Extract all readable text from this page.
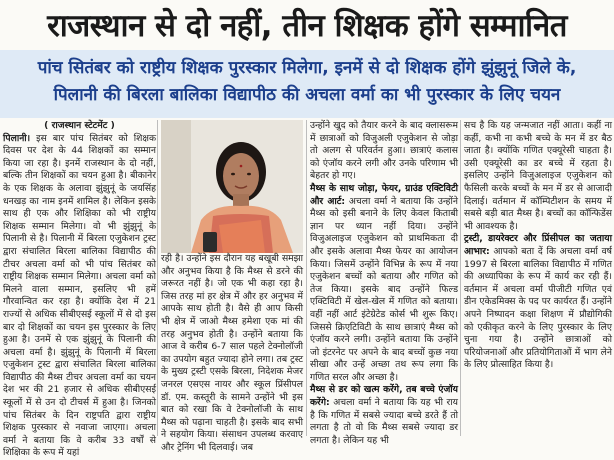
राजस्थान से दो नहीं, तीन शिक्षक होंगे सम्मानित
पांच सितंबर को राष्ट्रीय शिक्षक पुरस्कार मिलेगा, इनमें से दो शिक्षक होंगे झुंझुनूं जिले के,
पिलानी की बिरला बालिका विद्यापीठ की अचला वर्मा का भी पुरस्कार के लिए चयन
( राजस्थान स्टेटमेंट )

पिलानी। इस बार पांच सितंबर को शिक्षक दिवस पर देश के 44 शिक्षकों का सम्मान किया जा रहा है। इनमें राजस्थान के दो नहीं, बल्कि तीन शिक्षकों का चयन हुआ है। बीकानेर के एक शिक्षक के अलावा झुंझुनूं के जयसिंह धनखड़ का नाम इनमें शामिल है। लेकिन इसके साथ ही एक और शिक्षिका को भी राष्ट्रीय शिक्षक सम्मान मिलेगा। वो भी झुंझुनूं के पिलानी से है। पिलानी में बिरला एजुकेशन ट्रस्ट द्वारा संचालित बिरला बालिका विद्यापीठ की टीचर अचला वर्मा को भी पांच सितंबर को राष्ट्रीय शिक्षक सम्मान मिलेगा। अचला वर्मा को मिलने वाला सम्मान, इसलिए भी हमें गौरवान्वित कर रहा है। क्योंकि देश में 21 राज्यों से अधिक सीबीएसई स्कूलों में से दो इस बार दो शिक्षकों का चयन इस पुरस्कार के लिए हुआ है। उनमें से एक झुंझुनूं के पिलानी की अचला वर्मा है। झुंझुनूं के पिलानी में बिरला एजुकेशन ट्रस्ट द्वारा संचालित बिरला बालिका विद्यापीठ की मैथ्स टीचर अचला वर्मा का चयन देश भर की 21 हजार से अधिक सीबीएसई स्कूलों में से उन दो टीचर्स में हुआ है। जिनको पांच सितंबर के दिन राष्ट्रपति द्वारा राष्ट्रीय शिक्षक पुरस्कार से नवाजा जाएगा। अचला वर्मा ने बताया कि वे करीब 33 वर्षों से शिक्षिका के रूप में यहां

रही है। उन्होंने इस दौरान यह बखूबी समझा और अनुभव किया है कि मैथ्स से डरने की जरूरत नहीं है। जो एक भी कहा रहा है। जिस तरह मां हर क्षेत्र में और हर अनुभव में आपके साथ होती है। वैसे ही आप किसी भी क्षेत्र में जाओ मैथ्स हमेशा एक मां की तरह अनुभव होती है। उन्होंने बताया कि आज वे करीब 6-7 साल पहले टेक्नोलॉजी का उपयोग बहुत ज्यादा होने लगा। तब ट्रस्ट के मुख्य ट्रस्टी एसके बिरला, निदेशक मेजर जनरल एसएस नायर और स्कूल प्रिंसीपल डॉ. एम. कस्तूरी के सामने उन्होंने भी इस बात को रखा कि वे टेक्नोलॉजी के साथ मैथ्स को पढ़ाना चाहती है। इसके बाद सभी ने सहयोग किया। संसाधन उपलब्ध करवाए और ट्रेनिंग भी दिलवाई। जब

उन्होंने खुद को तैयार करने के बाद क्लासरूम में छात्राओं को विजुअली एजुकेशन से जोड़ा तो अलग से परिवर्तन हुआ। छात्राएं कलास को एंजॉय करने लगी और उनके परिणाम भी बेहतर हो गए।

मैथ्स के साथ जोड़ा, फेयर, ग्राउंड एक्टिविटी और आर्ट: अचला वर्मा ने बताया कि उन्होंने मैथ्स को इसी बनाने के लिए केवल किताबी ज्ञान पर ध्यान नहीं दिया। उन्होंने विजुअलाइज एजुकेशन को प्राथमिकता दी और इसके अलावा मैथ्स फेयर का आयोजन किया। जिसमें उन्होंने विभिन्न के रूप में नया एजुकेशन बच्चों को बताया और गणित को तेज किया। इसके बाद उन्होंने फिल्ड एक्टिविटी में खेल-खेल में गणित को बताया। वहीं नहीं आर्ट इंटेग्रेटेड कोर्स भी शुरू किए। जिससे क्रिएटिविटी के साथ छात्राएं मैथ्स को एंजॉय करने लगी। उन्होंने बताया कि उन्होंने जो इंटरनेट पर अपने के बाद बच्चों कुछ नया सीखा और उन्हें अच्छा तथ रूप लगा कि गणित सरल और अच्छा है।

मैथ्स से डर को खत्म करेंगे, तब बच्चे एंजॉय करेंगे: अचला वर्मा ने बताया कि यह भी राय है कि गणित में सबसे ज्यादा बच्चे डरते हैं तो लगता है तो वो कि मैथ्स सबसे ज्यादा डर लगता है। लेकिन यह भी

सच है कि यह जन्मजात नहीं आता। कहीं ना कहीं, कभी ना कभी बच्चे के मन में डर बैठ जाता है। क्योंकि गणित एक्यूरेसी चाहता है। उसी एक्यूरेसी का डर बच्चे में रहता है। इसलिए उन्होंने विजुअलाइज एजुकेशन को फैसिली करके बच्चों के मन में डर से आजादी दिलाई। वर्तमान में कॉम्पिटीशन के समय में सबसे बड़ी बात मैथ्स है। बच्चों का कॉन्फिडेंस भी आवश्यक है।

ट्रस्टी, डायरेक्टर और प्रिंसीपल का जताया आभार: आपको बता दें कि अचला वर्मा वर्ष 1997 से बिरला बालिका विद्यापीठ में गणित की अध्यापिका के रूप में कार्य कर रही हैं। वर्तमान में अचला वर्मा पीजीटी गणित एवं डीन एकेडमिक्स के पद पर कार्यरत हैं। उन्होंने अपने निष्पादन कक्षा शिक्षण में प्रौद्योगिकी को एकीकृत करने के लिए पुरस्कार के लिए चुना गया है। उन्होंने छात्राओं को परियोजनाओं और प्रतियोगिताओं में भाग लेने के लिए प्रोत्साहित किया है।
